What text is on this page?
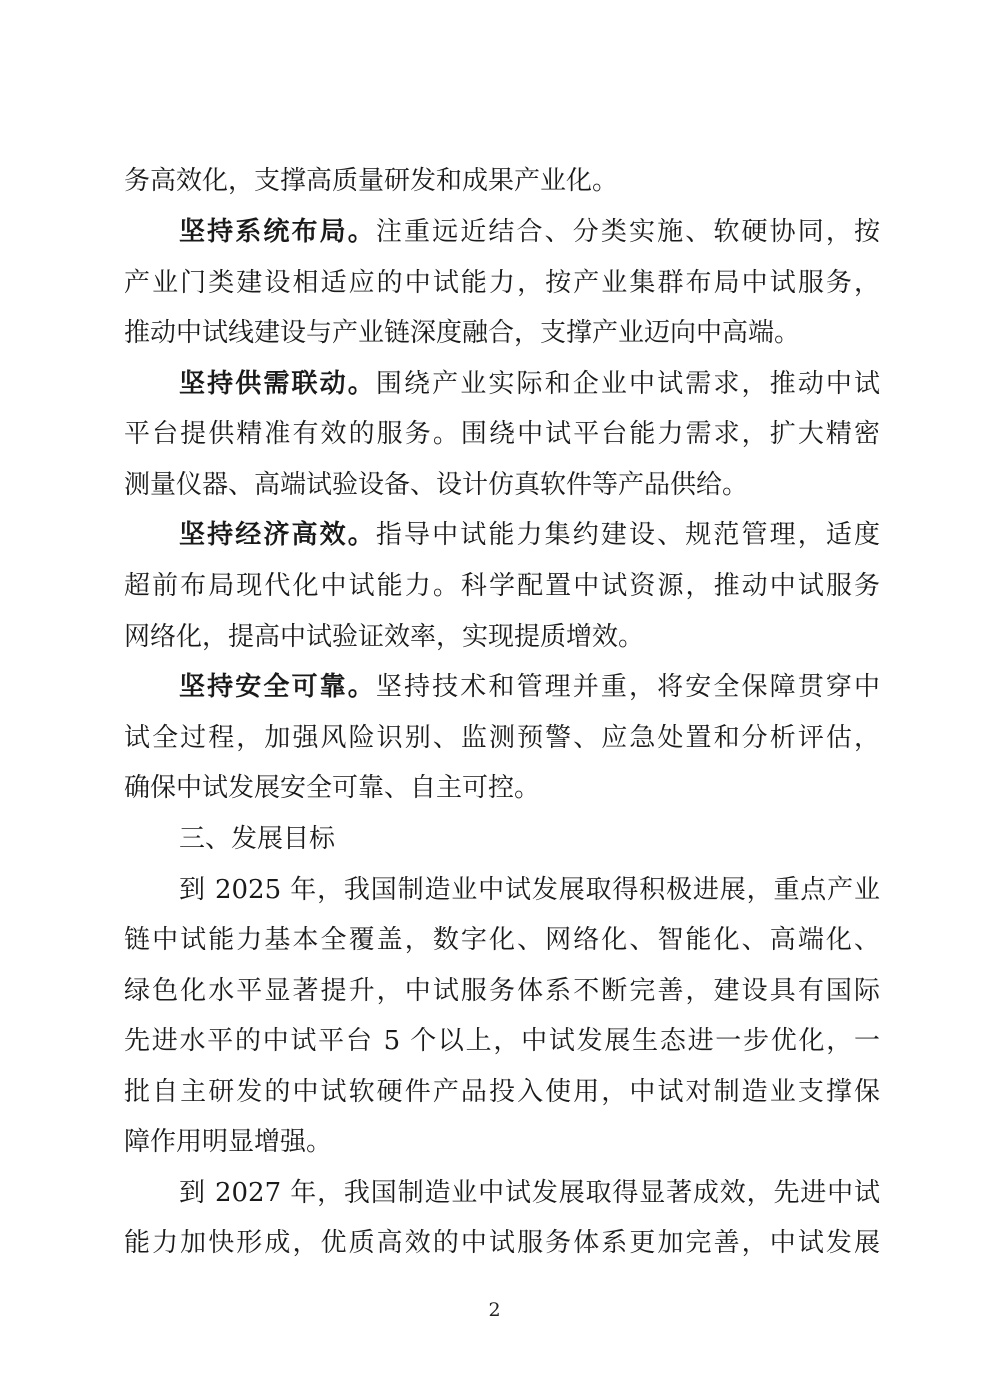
务高效化，支撑高质量研发和成果产业化。
坚持系统布局。注重远近结合、分类实施、软硬协同，按
产业门类建设相适应的中试能力，按产业集群布局中试服务，
推动中试线建设与产业链深度融合，支撑产业迈向中高端。
坚持供需联动。围绕产业实际和企业中试需求，推动中试
平台提供精准有效的服务。围绕中试平台能力需求，扩大精密
测量仪器、高端试验设备、设计仿真软件等产品供给。
坚持经济高效。指导中试能力集约建设、规范管理，适度
超前布局现代化中试能力。科学配置中试资源，推动中试服务
网络化，提高中试验证效率，实现提质增效。
坚持安全可靠。坚持技术和管理并重，将安全保障贯穿中
试全过程，加强风险识别、监测预警、应急处置和分析评估，
确保中试发展安全可靠、自主可控。
三、发展目标
到 2025 年，我国制造业中试发展取得积极进展，重点产业
链中试能力基本全覆盖，数字化、网络化、智能化、高端化、
绿色化水平显著提升，中试服务体系不断完善，建设具有国际
先进水平的中试平台 5 个以上，中试发展生态进一步优化，一
批自主研发的中试软硬件产品投入使用，中试对制造业支撑保
障作用明显增强。
到 2027 年，我国制造业中试发展取得显著成效，先进中试
能力加快形成，优质高效的中试服务体系更加完善，中试发展
2
